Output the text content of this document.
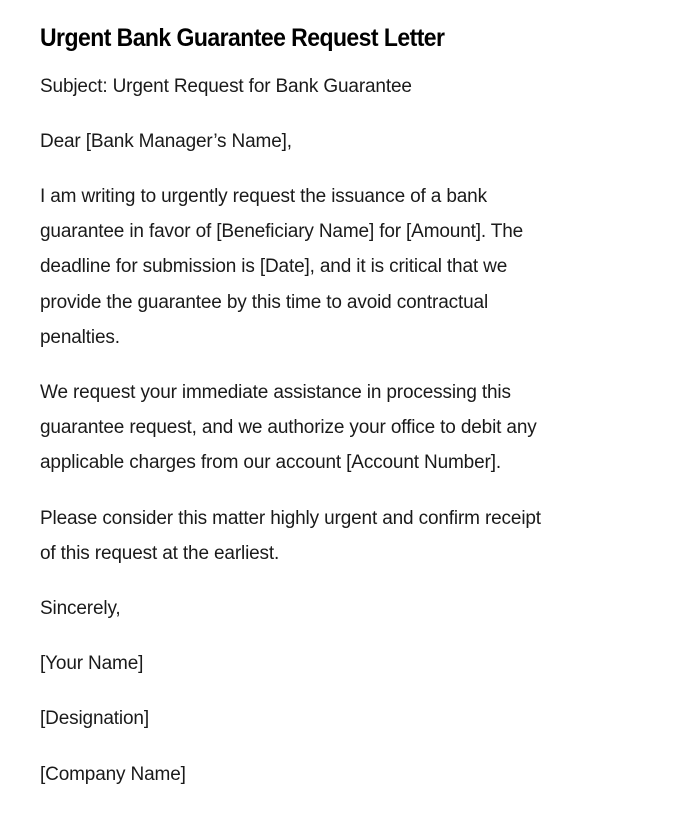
Urgent Bank Guarantee Request Letter

Subject: Urgent Request for Bank Guarantee

Dear [Bank Manager’s Name],

I am writing to urgently request the issuance of a bank
guarantee in favor of [Beneficiary Name] for [Amount]. The
deadline for submission is [Date], and it is critical that we
provide the guarantee by this time to avoid contractual
penalties.

We request your immediate assistance in processing this
guarantee request, and we authorize your office to debit any
applicable charges from our account [Account Number].

Please consider this matter highly urgent and confirm receipt
of this request at the earliest.

Sincerely,

[Your Name]

[Designation]

[Company Name]
